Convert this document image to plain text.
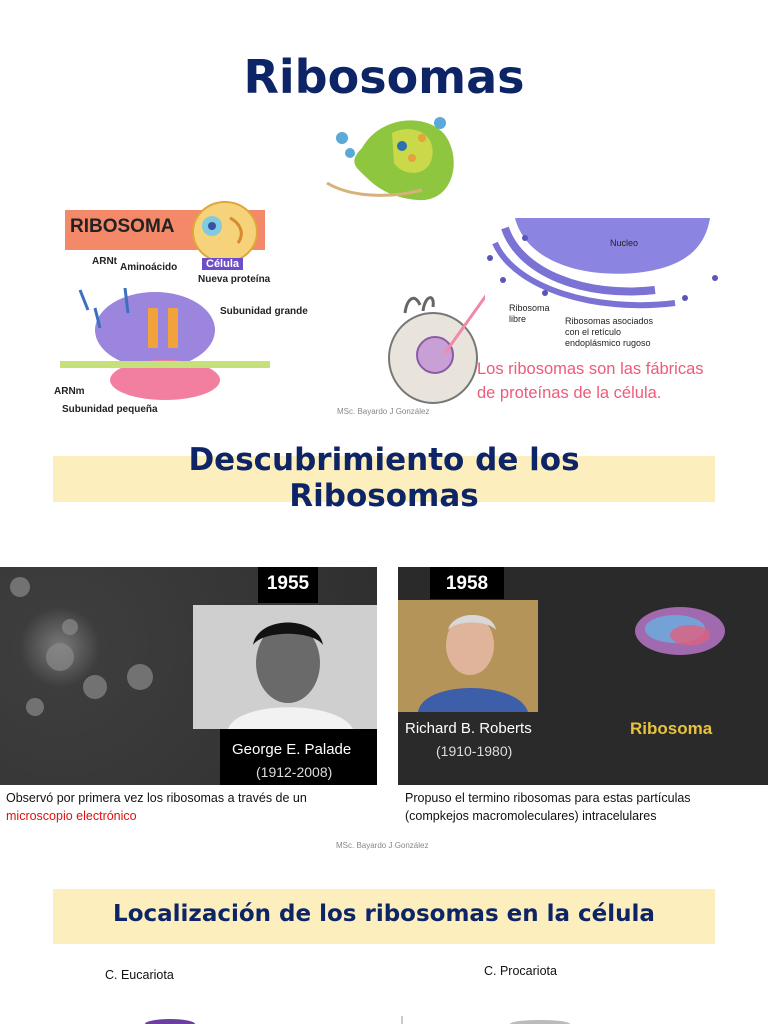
Ribosomas
RIBOSOMA
Célula
ARNt
Aminoácido
Nueva proteína
Subunidad grande
ARNm
Subunidad pequeña
Nucleo
Ribosoma
libre	Ribosomas asociados
con el retículo
endoplásmico rugoso
Los ribosomas son las fábricas
de proteínas de la célula.
MSc. Bayardo J González
Descubrimiento de los
Ribosomas
1955
George E. Palade
(1912-2008)
1958
Richard B. Roberts
(1910-1980)
Ribosoma
Observó por primera vez los ribosomas a través de un
microscopio electrónico
Propuso el termino ribosomas para estas partículas
(compkejos macromoleculares) intracelulares
MSc. Bayardo J González
Localización de los ribosomas en la célula
C. Eucariota	C. Procariota
